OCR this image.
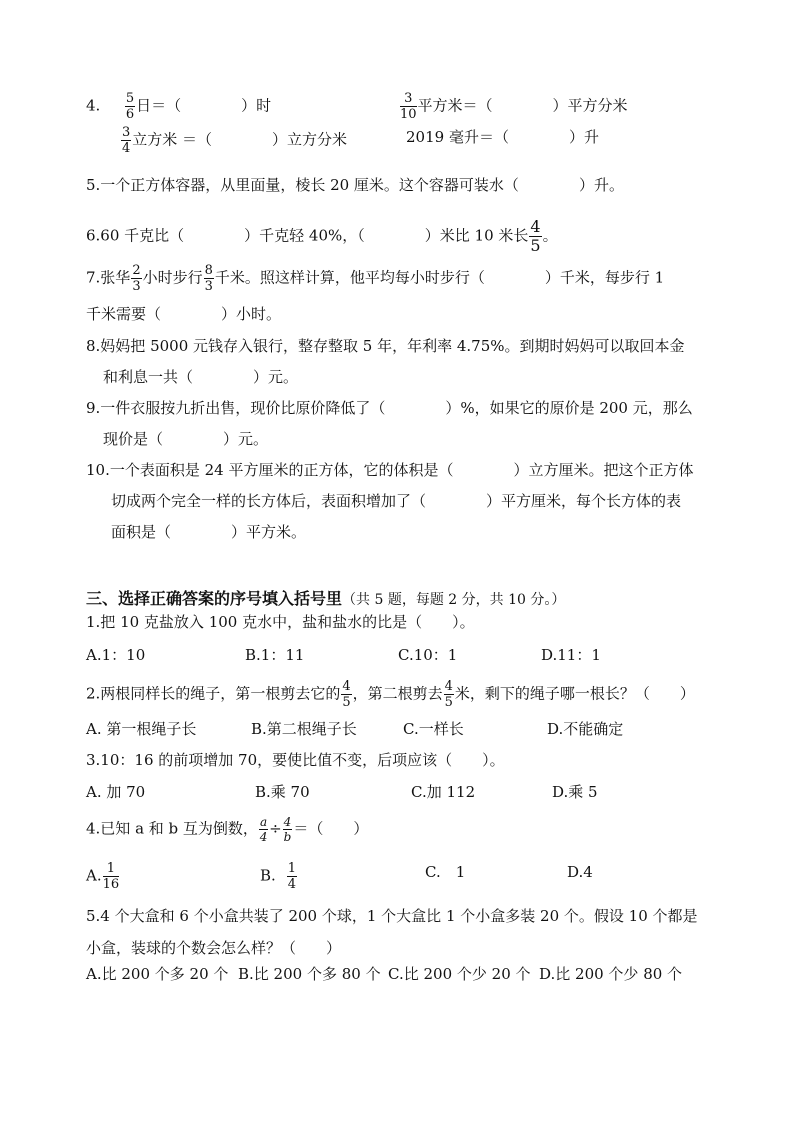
4. $\frac{5}{6}$ 日＝（　　　　）时	$\frac{3}{10}$ 平方米＝（　　　　）平方分米
$\frac{3}{4}$ 立方米 ＝（　　　　）立方分米	2019 毫升＝（　　　　）升
5.一个正方体容器，从里面量，棱长 20 厘米。这个容器可装水（　　　　）升。
6.60 千克比（　　　　）千克轻 40%，（　　　　）米比 10 米长 $\frac{4}{5}$ 。
7.张华 $\frac{2}{3}$ 小时步行 $\frac{8}{3}$ 千米。照这样计算，他平均每小时步行（　　　　）千米，每步行 1
千米需要（　　　　）小时。
8.妈妈把 5000 元钱存入银行，整存整取 5 年，年利率 4.75%。到期时妈妈可以取回本金
和利息一共（　　　　）元。
9.一件衣服按九折出售，现价比原价降低了（　　　　）%，如果它的原价是 200 元，那么
现价是（　　　　）元。
10.一个表面积是 24 平方厘米的正方体，它的体积是（　　　　）立方厘米。把这个正方体
切成两个完全一样的长方体后，表面积增加了（　　　　）平方厘米，每个长方体的表
面积是（　　　　）平方米。
三、选择正确答案的序号填入括号里（共 5 题，每题 2 分，共 10 分。）
1.把 10 克盐放入 100 克水中，盐和盐水的比是（　　）。
A.1：10	B.1：11	C.10：1	D.11：1
2.两根同样长的绳子，第一根剪去它的 $\frac{4}{5}$ ，第二根剪去 $\frac{4}{5}$ 米，剩下的绳子哪一根长？（　　）
A. 第一根绳子长	B.第二根绳子长	C.一样长	D.不能确定
3.10：16 的前项增加 70，要使比值不变，后项应该（　　）。
A. 加 70	B.乘 70	C.加 112	D.乘 5
4.已知 a 和 b 互为倒数， $\frac{a}{4} \div \frac{4}{b}$ ＝（　　）
A. $\frac{1}{16}$	B. $\frac{1}{4}$	C.　1	D.4
5.4 个大盒和 6 个小盒共装了 200 个球，1 个大盒比 1 个小盒多装 20 个。假设 10 个都是
小盒，装球的个数会怎么样？（　　）
A.比 200 个多 20 个 B.比 200 个多 80 个 C.比 200 个少 20 个 D.比 200 个少 80 个
